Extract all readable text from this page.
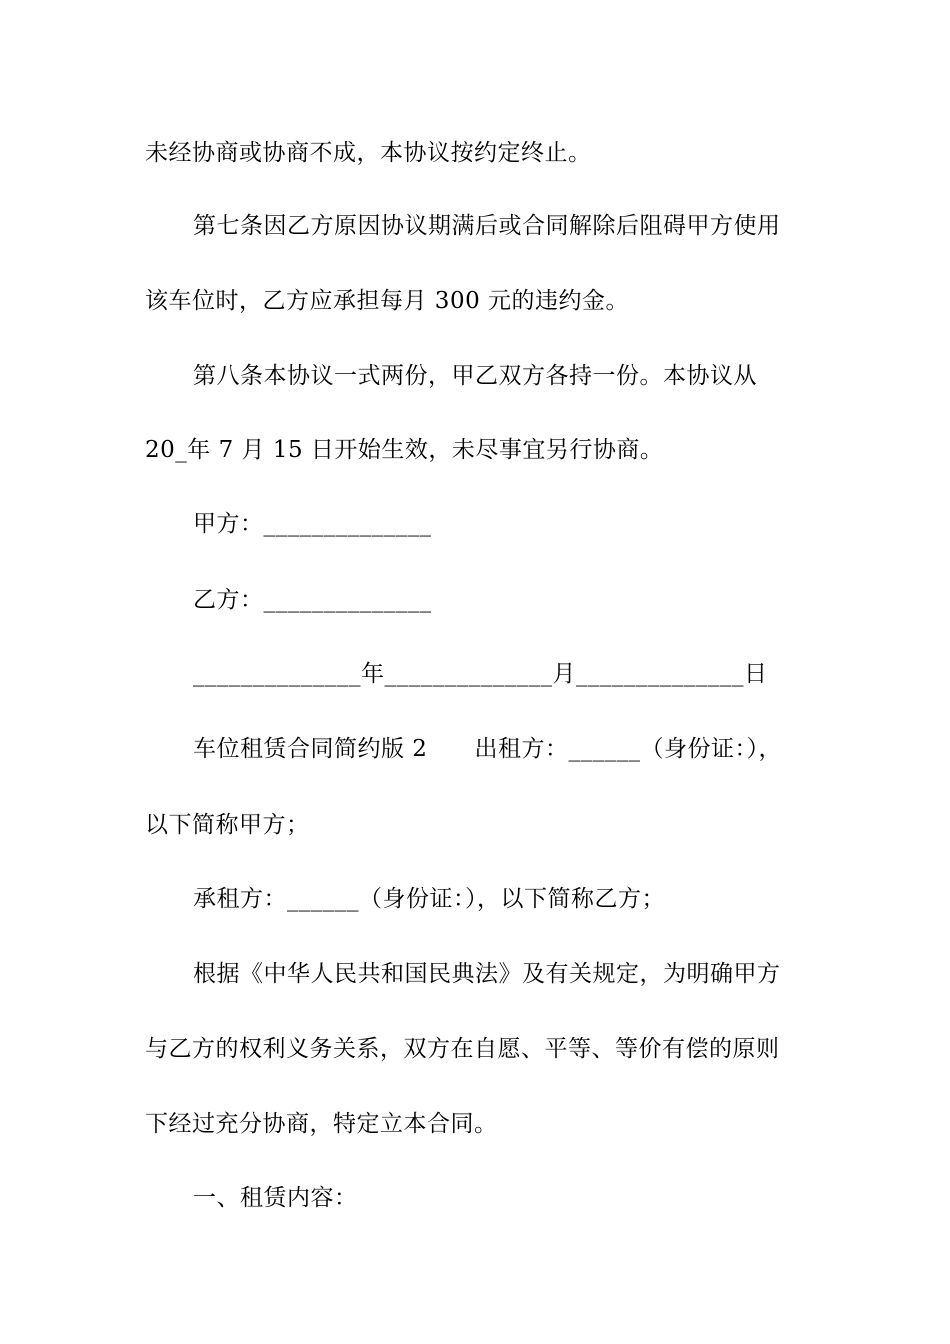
未经协商或协商不成，本协议按约定终止。
第七条因乙方原因协议期满后或合同解除后阻碍甲方使用
该车位时，乙方应承担每月 300 元的违约金。
第八条本协议一式两份，甲乙双方各持一份。本协议从
20_年 7 月 15 日开始生效，未尽事宜另行协商。
甲方：______________
乙方：______________
______________年______________月______________日
车位租赁合同简约版 2　　出租方：______（身份证：），
以下简称甲方；
承租方：______（身份证：），以下简称乙方；
根据《中华人民共和国民典法》及有关规定，为明确甲方
与乙方的权利义务关系，双方在自愿、平等、等价有偿的原则
下经过充分协商，特定立本合同。
一、租赁内容：
